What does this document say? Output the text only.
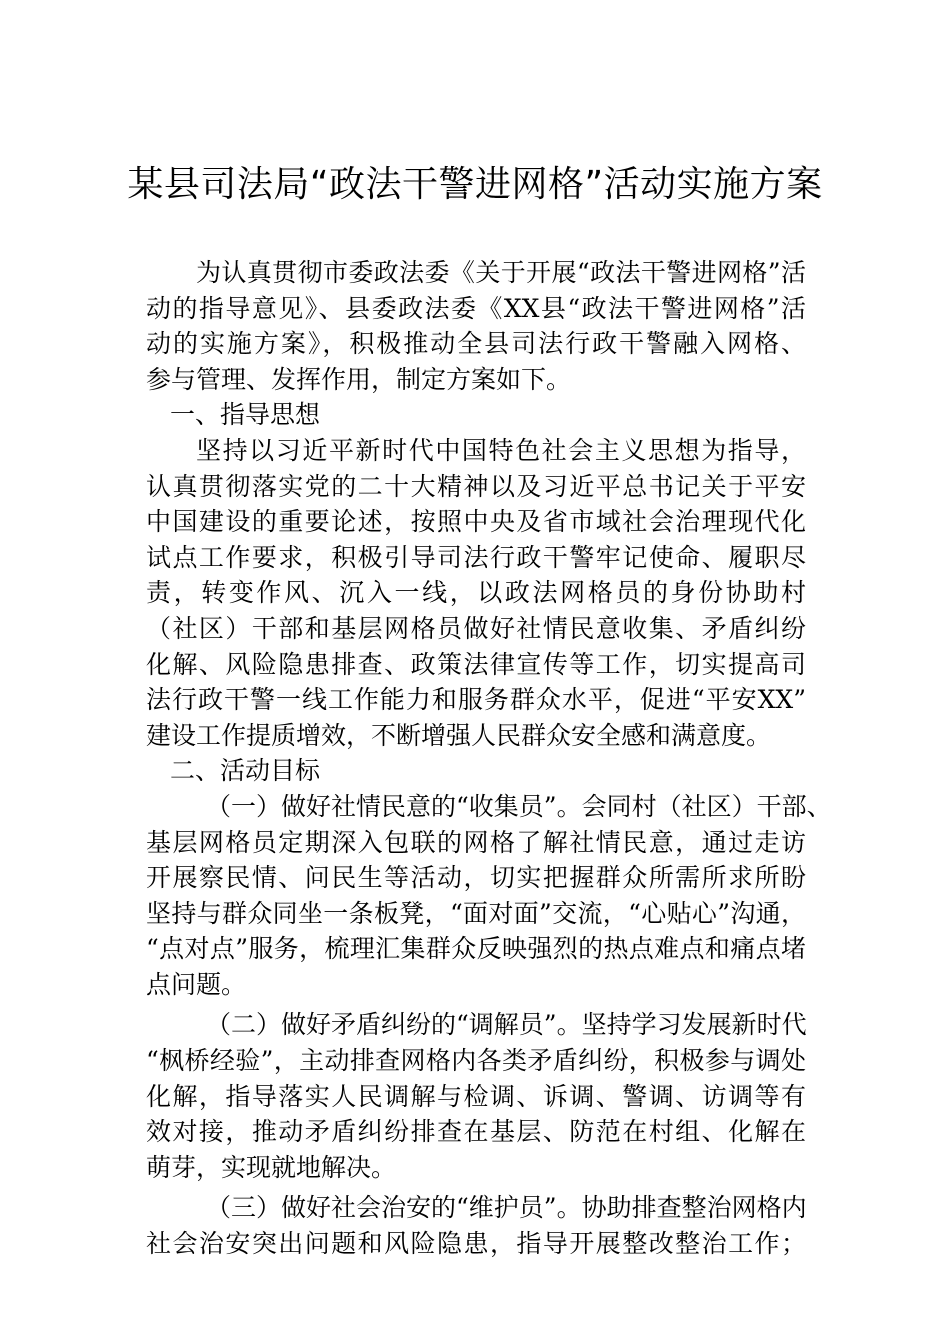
某县司法局“政法干警进网格”活动实施方案
为认真贯彻市委政法委《关于开展“政法干警进网格”活
动的指导意见》、县委政法委《XX县“政法干警进网格”活
动的实施方案》，积极推动全县司法行政干警融入网格、
参与管理、发挥作用，制定方案如下。
一、指导思想
坚持以习近平新时代中国特色社会主义思想为指导，
认真贯彻落实党的二十大精神以及习近平总书记关于平安
中国建设的重要论述，按照中央及省市域社会治理现代化
试点工作要求，积极引导司法行政干警牢记使命、履职尽
责，转变作风、沉入一线，以政法网格员的身份协助村
（社区）干部和基层网格员做好社情民意收集、矛盾纠纷
化解、风险隐患排查、政策法律宣传等工作，切实提高司
法行政干警一线工作能力和服务群众水平，促进“平安XX”
建设工作提质增效，不断增强人民群众安全感和满意度。
二、活动目标
（一）做好社情民意的“收集员”。会同村（社区）干部、
基层网格员定期深入包联的网格了解社情民意，通过走访
开展察民情、问民生等活动，切实把握群众所需所求所盼
坚持与群众同坐一条板凳，“面对面”交流，“心贴心”沟通，
“点对点”服务，梳理汇集群众反映强烈的热点难点和痛点堵
点问题。
（二）做好矛盾纠纷的“调解员”。坚持学习发展新时代
“枫桥经验”，主动排查网格内各类矛盾纠纷，积极参与调处
化解，指导落实人民调解与检调、诉调、警调、访调等有
效对接，推动矛盾纠纷排查在基层、防范在村组、化解在
萌芽，实现就地解决。
（三）做好社会治安的“维护员”。协助排查整治网格内
社会治安突出问题和风险隐患，指导开展整改整治工作；
